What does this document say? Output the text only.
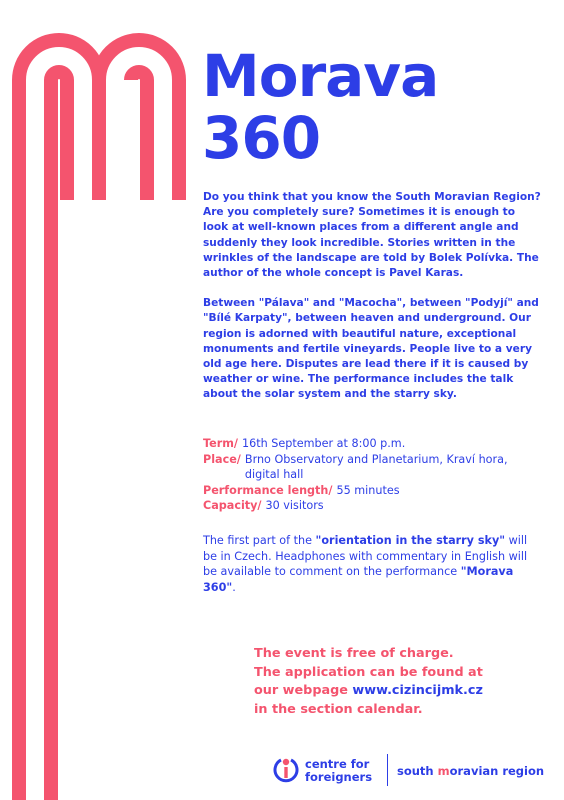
Morava
360

Do you think that you know the South Moravian Region? Are you completely sure? Sometimes it is enough to look at well-known places from a different angle and suddenly they look incredible. Stories written in the wrinkles of the landscape are told by Bolek Polívka. The author of the whole concept is Pavel Karas.

Between "Pálava" and "Macocha", between "Podyjí" and "Bílé Karpaty", between heaven and underground. Our region is adorned with beautiful nature, exceptional monuments and fertile vineyards. People live to a very old age here. Disputes are lead there if it is caused by weather or wine. The performance includes the talk about the solar system and the starry sky.

Term/ 16th September at 8:00 p.m.
Place/ Brno Observatory and Planetarium, Kraví hora, digital hall
Performance length/ 55 minutes
Capacity/ 30 visitors

The first part of the "orientation in the starry sky" will be in Czech. Headphones with commentary in English will be available to comment on the performance "Morava 360".

The event is free of charge.
The application can be found at
our webpage www.cizincijmk.cz
in the section calendar.
centre for
foreigners south moravian region
